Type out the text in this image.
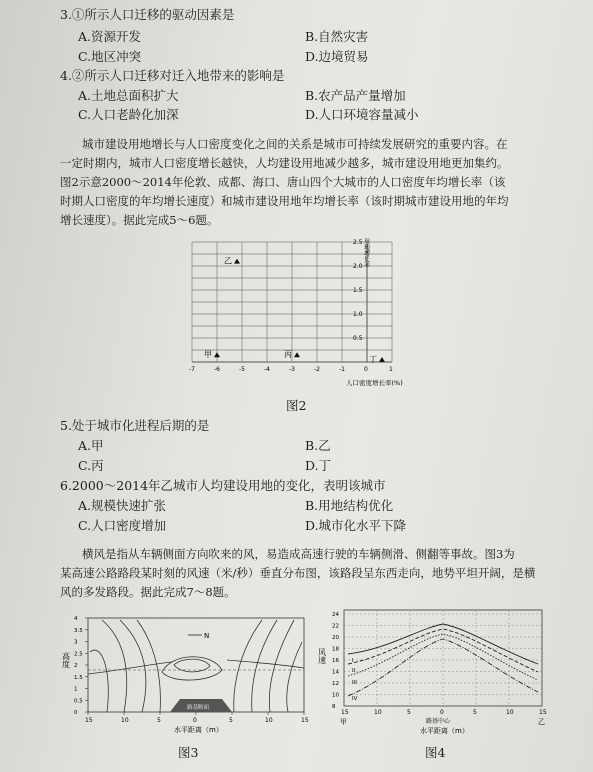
3.①所示人口迁移的驱动因素是
A.资源开发	B.自然灾害
C.地区冲突	D.边境贸易
4.②所示人口迁移对迁入地带来的影响是
A.土地总面积扩大	B.农产品产量增加
C.人口老龄化加深	D.人口环境容量减小
城市建设用地增长与人口密度变化之间的关系是城市可持续发展研究的重要内容。在
一定时期内，城市人口密度增长越快，人均建设用地减少越多，城市建设用地更加集约。
图2示意2000～2014年伦敦、成都、海口、唐山四个大城市的人口密度年均增长率（该
时期人口密度的年均增长速度）和城市建设用地年均增长率（该时期城市建设用地的年均
增长速度）。据此完成5～6题。
-7	-6	-5	-4	-3	-2	-1	0	1
0.5
1.0
1.5
2.0
2.5
甲
乙
丙
丁
用地增长率
人口密度增长率(%)
图2
5.处于城市化进程后期的是
A.甲	B.乙
C.丙	D.丁
6.2000～2014年乙城市人均建设用地的变化，表明该城市
A.规模快速扩张	B.用地结构优化
C.人口密度增加	D.城市化水平下降
横风是指从车辆侧面方向吹来的风，易造成高速行驶的车辆侧滑、侧翻等事故。图3为
某高速公路路段某时刻的风速（米/秒）垂直分布图，该路段呈东西走向，地势平坦开阔，是横
风的多发路段。据此完成7～8题。
15	10	5	0	5	10	15
4
3.5
3
2.5
2
1.5
1
0.5
0
N
路基断面
高度
水平距离（m）
图3
15	10	5	0	5	10	15
24
22
20
18
16
14
12
10
8
I
II
III
IV
风速
甲	乙
路基中心
水平距离（m）
图4
